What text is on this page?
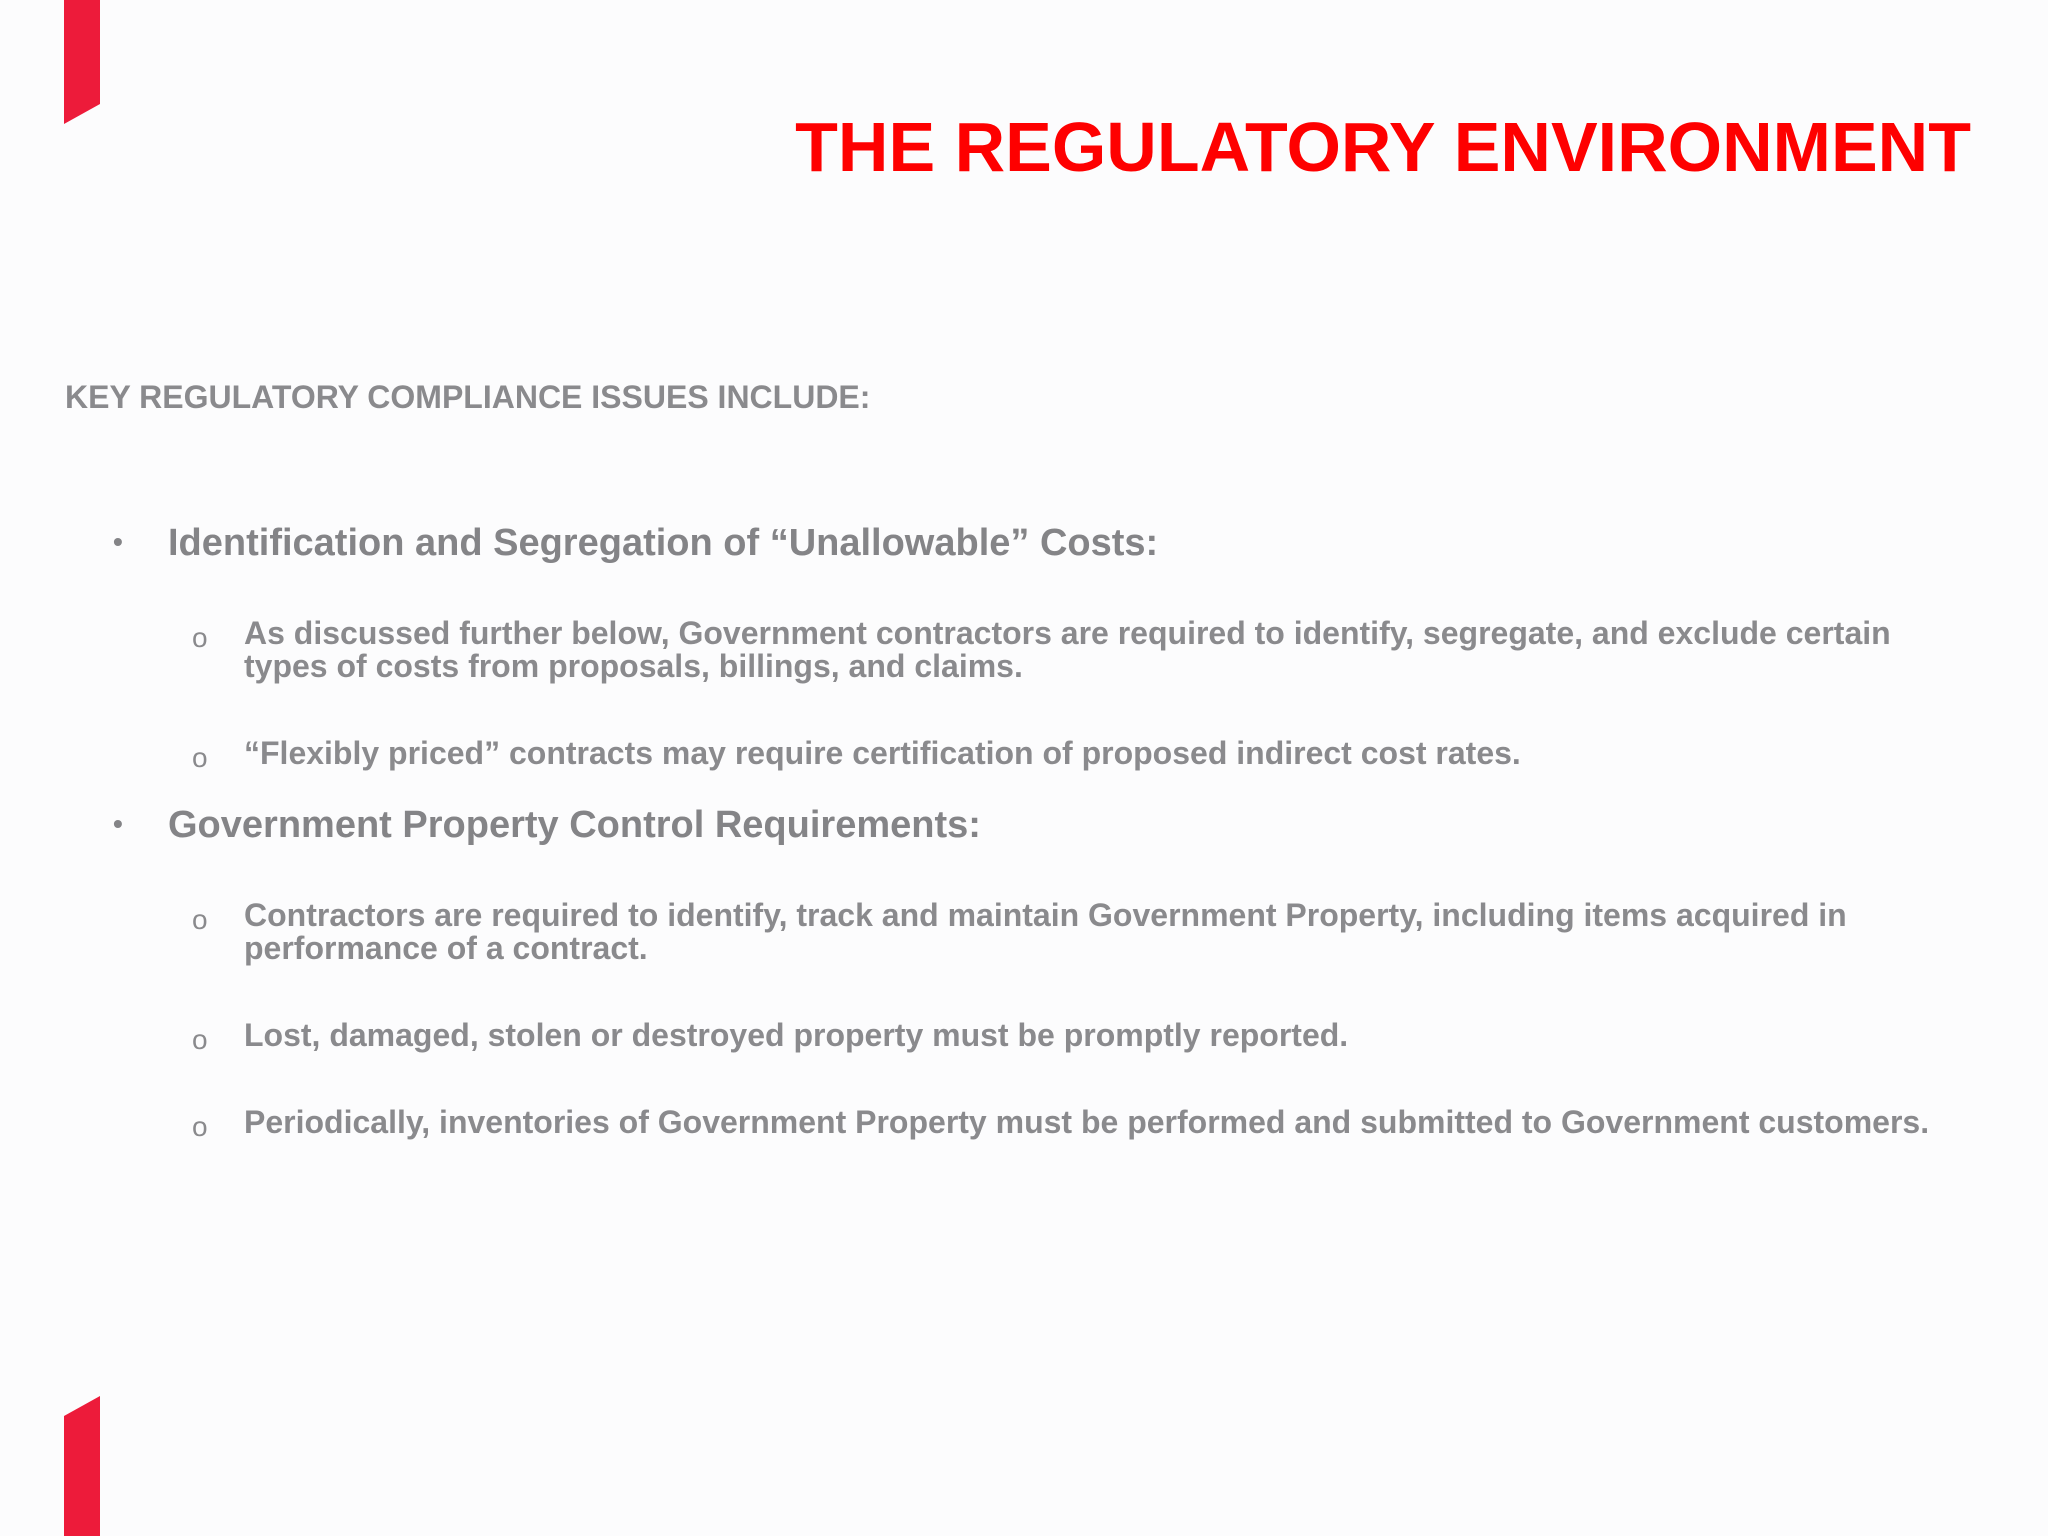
THE REGULATORY ENVIRONMENT

KEY REGULATORY COMPLIANCE ISSUES INCLUDE:

• Identification and Segregation of “Unallowable” Costs:

o As discussed further below, Government contractors are required to identify, segregate, and exclude certain types of costs from proposals, billings, and claims.
o “Flexibly priced” contracts may require certification of proposed indirect cost rates.

• Government Property Control Requirements:

o Contractors are required to identify, track and maintain Government Property, including items acquired in performance of a contract.
o Lost, damaged, stolen or destroyed property must be promptly reported.
o Periodically, inventories of Government Property must be performed and submitted to Government customers.
